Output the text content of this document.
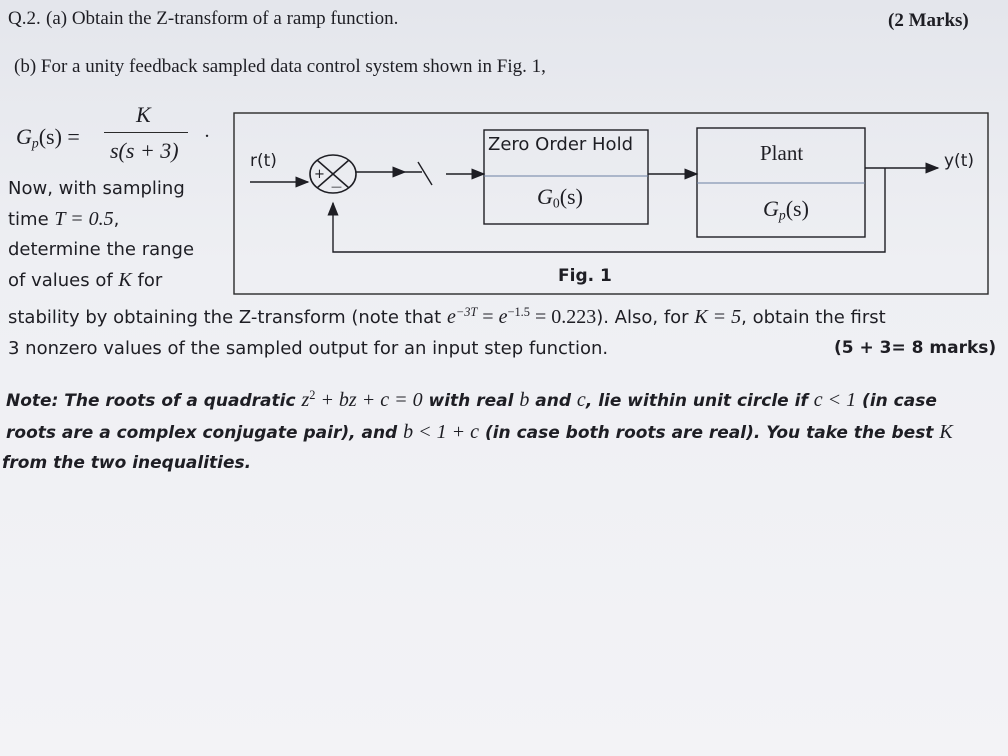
Q.2. (a) Obtain the Z-transform of a ramp function.	(2 Marks)
(b) For a unity feedback sampled data control system shown in Fig. 1,
$G_p(s)$ =
K
s(s + 3)
.
Now, with sampling
time T = 0.5,
determine the range
of values of K for
+
—
r(t)	y(t)
Zero Order Hold
$G_0(s)$
Plant
$G_p(s)$
Fig. 1
stability by obtaining the Z-transform (note that $e^{-3T} = e^{-1.5} = 0.223$). Also, for K = 5, obtain the first
3 nonzero values of the sampled output for an input step function.	(5 + 3= 8 marks)
Note: The roots of a quadratic $z^2$ + bz + c = 0 with real b and c, lie within unit circle if c < 1 (in case
roots are a complex conjugate pair), and b < 1 + c (in case both roots are real). You take the best K
from the two inequalities.
